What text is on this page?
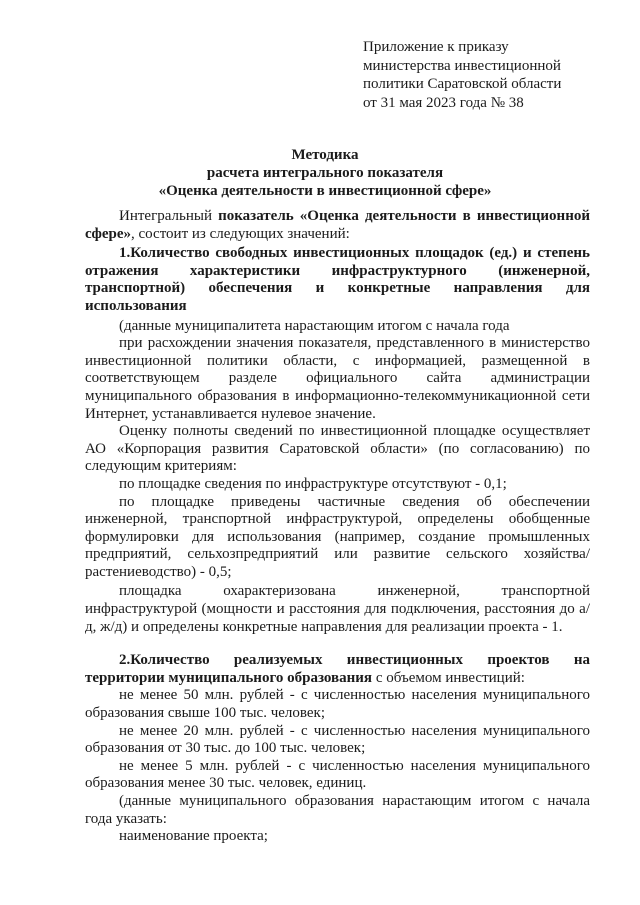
Приложение к приказу
министерства инвестиционной
политики Саратовской области
от 31 мая 2023 года № 38
Методика
расчета интегрального показателя
«Оценка деятельности в инвестиционной сфере»

Интегральный показатель «Оценка деятельности в инвестиционной сфере», состоит из следующих значений:

1.Количество свободных инвестиционных площадок (ед.) и степень отражения характеристики инфраструктурного (инженерной, транспортной) обеспечения и конкретные направления для использования

(данные муниципалитета нарастающим итогом с начала года

при расхождении значения показателя, представленного в министерство инвестиционной политики области, с информацией, размещенной в соответствующем разделе официального сайта администрации муниципального образования в информационно-телекоммуникационной сети Интернет, устанавливается нулевое значение.

Оценку полноты сведений по инвестиционной площадке осуществляет АО «Корпорация развития Саратовской области» (по согласованию) по следующим критериям:

по площадке сведения по инфраструктуре отсутствуют - 0,1;

по площадке приведены частичные сведения об обеспечении инженерной, транспортной инфраструктурой, определены обобщенные формулировки для использования (например, создание промышленных предприятий, сельхозпредприятий или развитие сельского хозяйства/растениеводство) - 0,5;

площадка охарактеризована инженерной, транспортной инфраструктурой (мощности и расстояния для подключения, расстояния до а/д, ж/д) и определены конкретные направления для реализации проекта - 1.

2.Количество реализуемых инвестиционных проектов на территории муниципального образования с объемом инвестиций:

не менее 50 млн. рублей - с численностью населения муниципального образования свыше 100 тыс. человек;

не менее 20 млн. рублей - с численностью населения муниципального образования от 30 тыс. до 100 тыс. человек;

не менее 5 млн. рублей - с численностью населения муниципального образования менее 30 тыс. человек, единиц.

(данные муниципального образования нарастающим итогом с начала года указать:

наименование проекта;
